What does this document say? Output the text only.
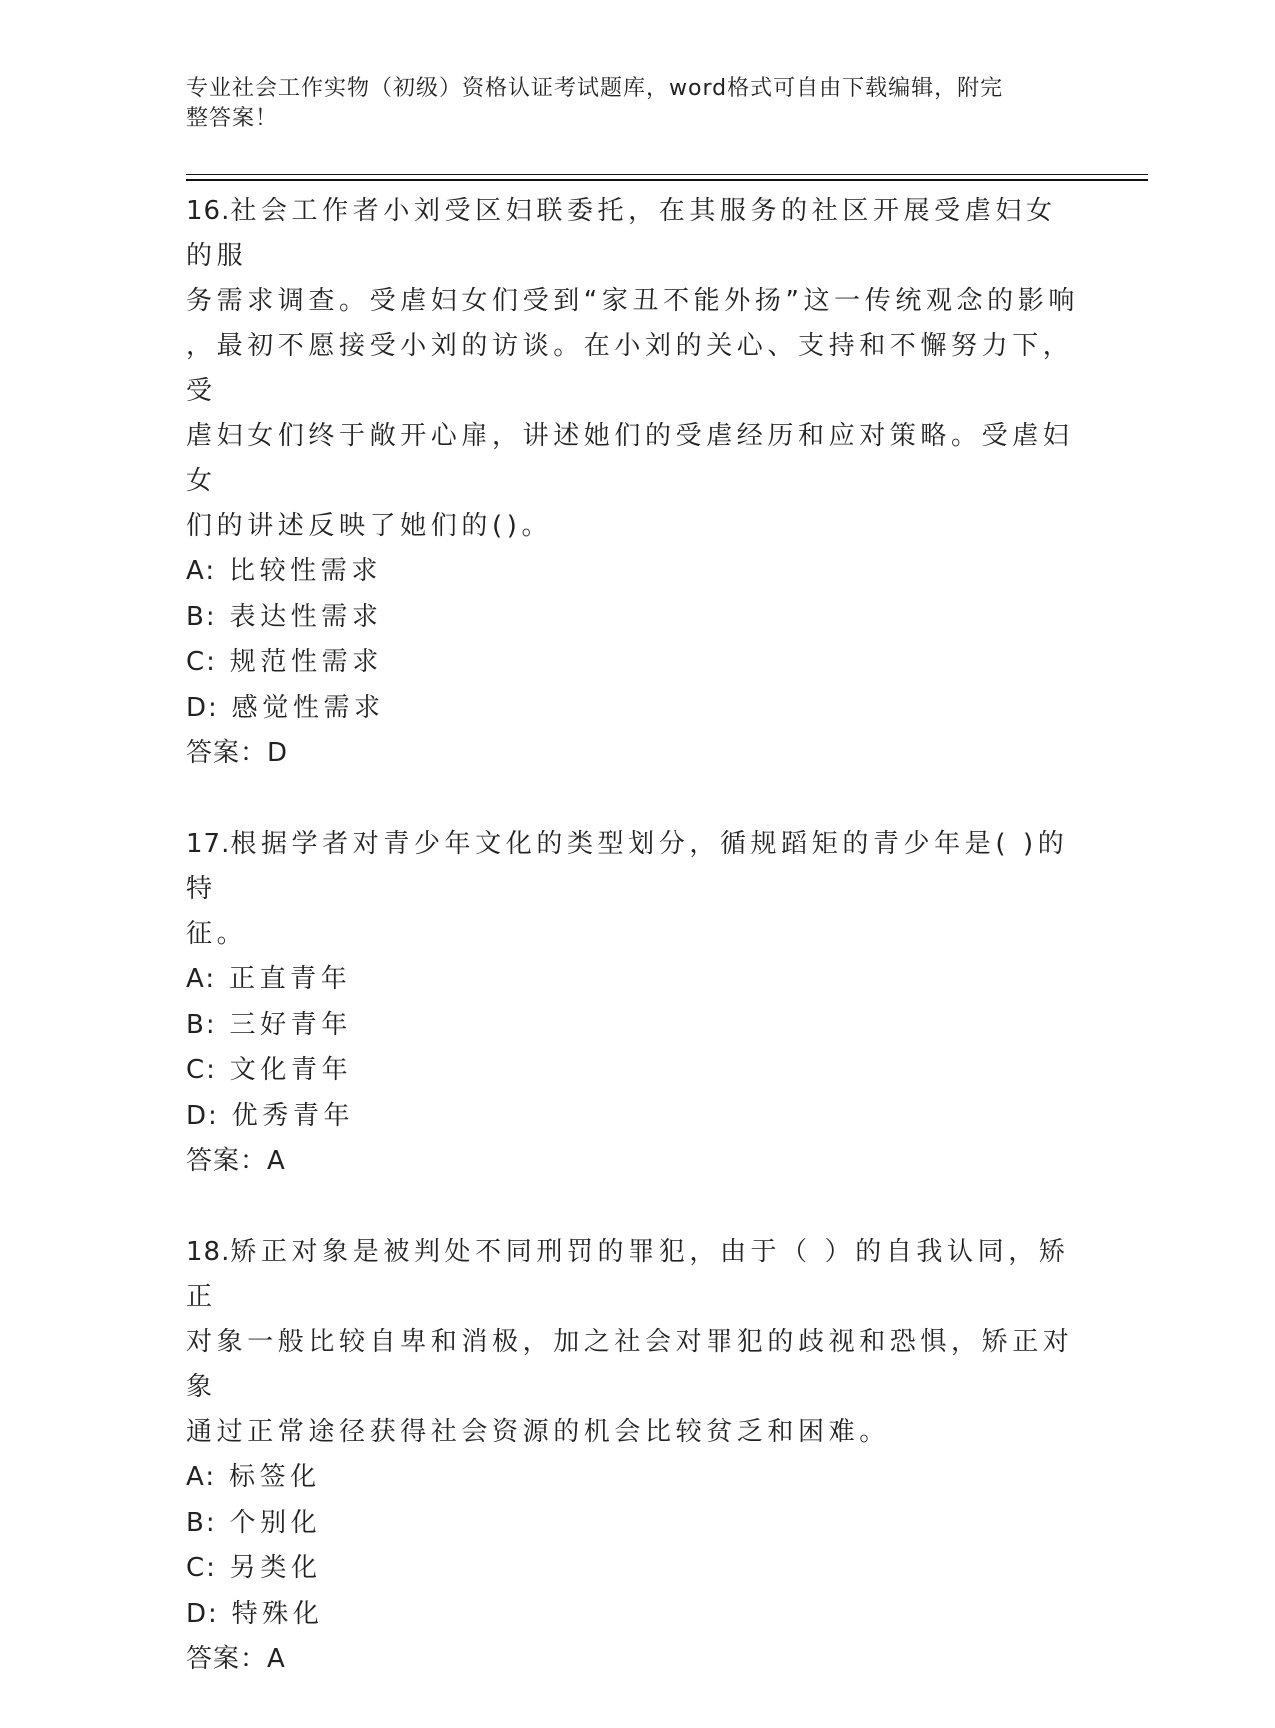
专业社会工作实物（初级）资格认证考试题库，word格式可自由下载编辑，附完
整答案！
16.社会工作者小刘受区妇联委托，在其服务的社区开展受虐妇女的服
务需求调查。受虐妇女们受到“家丑不能外扬”这一传统观念的影响
，最初不愿接受小刘的访谈。在小刘的关心、支持和不懈努力下，受
虐妇女们终于敞开心扉，讲述她们的受虐经历和应对策略。受虐妇女
们的讲述反映了她们的()。
A: 比较性需求
B: 表达性需求
C: 规范性需求
D: 感觉性需求
答案：D
17.根据学者对青少年文化的类型划分，循规蹈矩的青少年是( )的特
征。
A: 正直青年
B: 三好青年
C: 文化青年
D: 优秀青年
答案：A
18.矫正对象是被判处不同刑罚的罪犯，由于（ ）的自我认同，矫正
对象一般比较自卑和消极，加之社会对罪犯的歧视和恐惧，矫正对象
通过正常途径获得社会资源的机会比较贫乏和困难。
A: 标签化
B: 个别化
C: 另类化
D: 特殊化
答案：A
